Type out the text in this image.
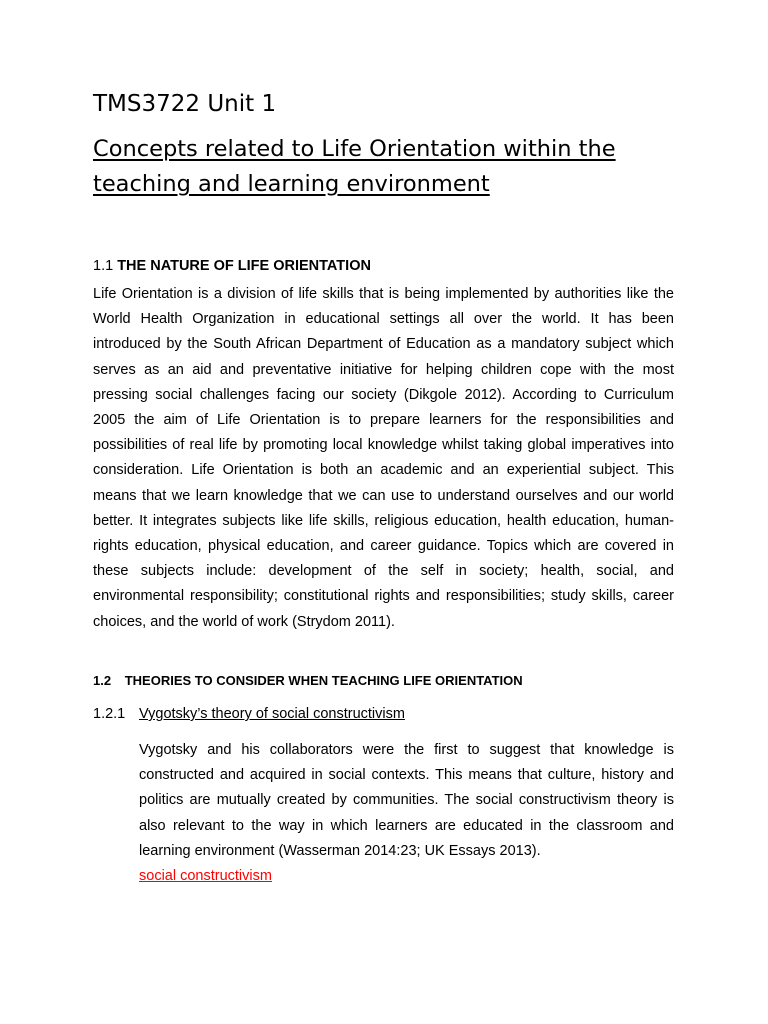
TMS3722 Unit 1
Concepts related to Life Orientation within the teaching and learning environment
1.1 THE NATURE OF LIFE ORIENTATION

Life Orientation is a division of life skills that is being implemented by authorities like the World Health Organization in educational settings all over the world. It has been introduced by the South African Department of Education as a mandatory subject which serves as an aid and preventative initiative for helping children cope with the most pressing social challenges facing our society (Dikgole 2012). According to Curriculum 2005 the aim of Life Orientation is to prepare learners for the responsibilities and possibilities of real life by promoting local knowledge whilst taking global imperatives into consideration. Life Orientation is both an academic and an experiential subject. This means that we learn knowledge that we can use to understand ourselves and our world better. It integrates subjects like life skills, religious education, health education, human-rights education, physical education, and career guidance. Topics which are covered in these subjects include: development of the self in society; health, social, and environmental responsibility; constitutional rights and responsibilities; study skills, career choices, and the world of work (Strydom 2011).

1.2 THEORIES TO CONSIDER WHEN TEACHING LIFE ORIENTATION
1.2.1 Vygotsky’s theory of social constructivism
Vygotsky and his collaborators were the first to suggest that knowledge is constructed and acquired in social contexts. This means that culture, history and politics are mutually created by communities. The social constructivism theory is also relevant to the way in which learners are educated in the classroom and learning environment (Wasserman 2014:23; UK Essays 2013).
social constructivism
